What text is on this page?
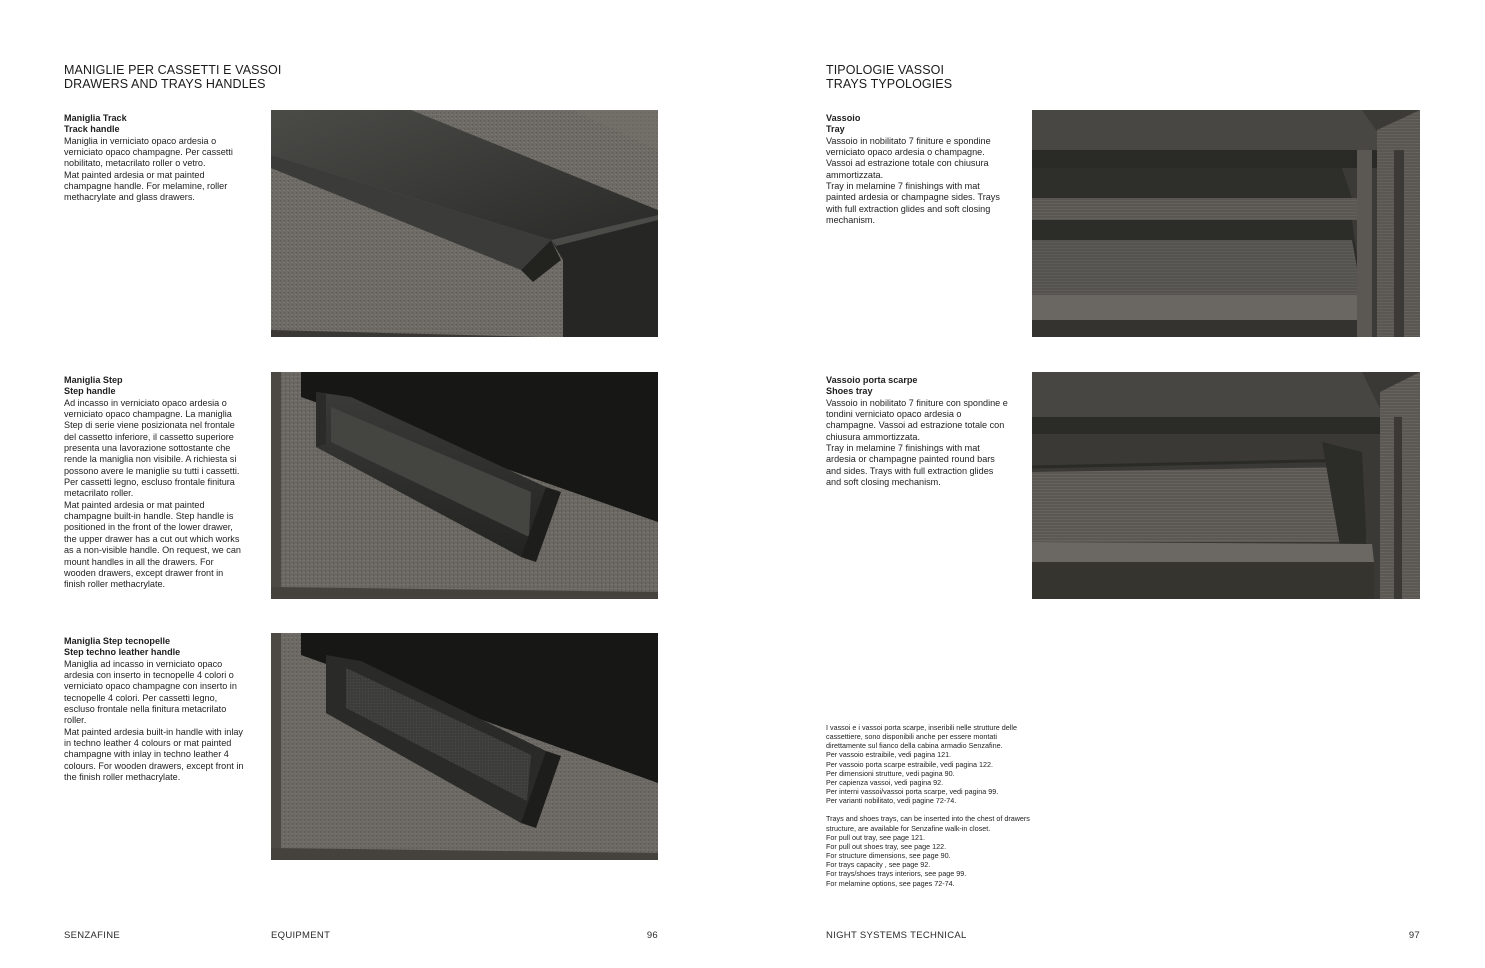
MANIGLIE PER CASSETTI E VASSOI
DRAWERS AND TRAYS HANDLES

Maniglia Track

Track handle

Maniglia in verniciato opaco ardesia o verniciato opaco champagne. Per cassetti nobilitato, metacrilato roller o vetro.

Mat painted ardesia or mat painted champagne handle. For melamine, roller methacrylate and glass drawers.

Maniglia Step

Step handle

Ad incasso in verniciato opaco ardesia o verniciato opaco champagne. La maniglia Step di serie viene posizionata nel frontale del cassetto inferiore, il cassetto superiore presenta una lavorazione sottostante che rende la maniglia non visibile. A richiesta si possono avere le maniglie su tutti i cassetti. Per cassetti legno, escluso frontale finitura metacrilato roller.

Mat painted ardesia or mat painted champagne built-in handle. Step handle is positioned in the front of the lower drawer, the upper drawer has a cut out which works as a non-visible handle. On request, we can mount handles in all the drawers. For wooden drawers, except drawer front in finish roller methacrylate.

Maniglia Step tecnopelle

Step techno leather handle

Maniglia ad incasso in verniciato opaco ardesia con inserto in tecnopelle 4 colori o verniciato opaco champagne con inserto in tecnopelle 4 colori. Per cassetti legno, escluso frontale nella finitura metacrilato roller.

Mat painted ardesia built-in handle with inlay in techno leather 4 colours or mat painted champagne with inlay in techno leather 4 colours. For wooden drawers, except front in the finish roller methacrylate.

SENZAFINE	EQUIPMENT	96
TIPOLOGIE VASSOI
TRAYS TYPOLOGIES

Vassoio

Tray

Vassoio in nobilitato 7 finiture e spondine verniciato opaco ardesia o champagne. Vassoi ad estrazione totale con chiusura ammortizzata.

Tray in melamine 7 finishings with mat painted ardesia or champagne sides. Trays with full extraction glides and soft closing mechanism.

Vassoio porta scarpe

Shoes tray

Vassoio in nobilitato 7 finiture con spondine e tondini verniciato opaco ardesia o champagne. Vassoi ad estrazione totale con chiusura ammortizzata.

Tray in melamine 7 finishings with mat ardesia or champagne painted round bars and sides. Trays with full extraction glides and soft closing mechanism.

I vassoi e i vassoi porta scarpe, inseribili nelle strutture delle cassettiere, sono disponibili anche per essere montati direttamente sul fianco della cabina armadio Senzafine.

Per vassoio estraibile, vedi pagina 121.

Per vassoio porta scarpe estraibile, vedi pagina 122.

Per dimensioni strutture, vedi pagina 90.

Per capienza vassoi, vedi pagina 92.

Per interni vassoi/vassoi porta scarpe, vedi pagina 99.

Per varianti nobilitato, vedi pagine 72-74.

Trays and shoes trays, can be inserted into the chest of drawers structure, are available for Senzafine walk-in closet.

For pull out tray, see page 121.

For pull out shoes tray, see page 122.

For structure dimensions, see page 90.

For trays capacity , see page 92.

For trays/shoes trays interiors, see page 99.

For melamine options, see pages 72-74.

NIGHT SYSTEMS TECHNICAL	97
